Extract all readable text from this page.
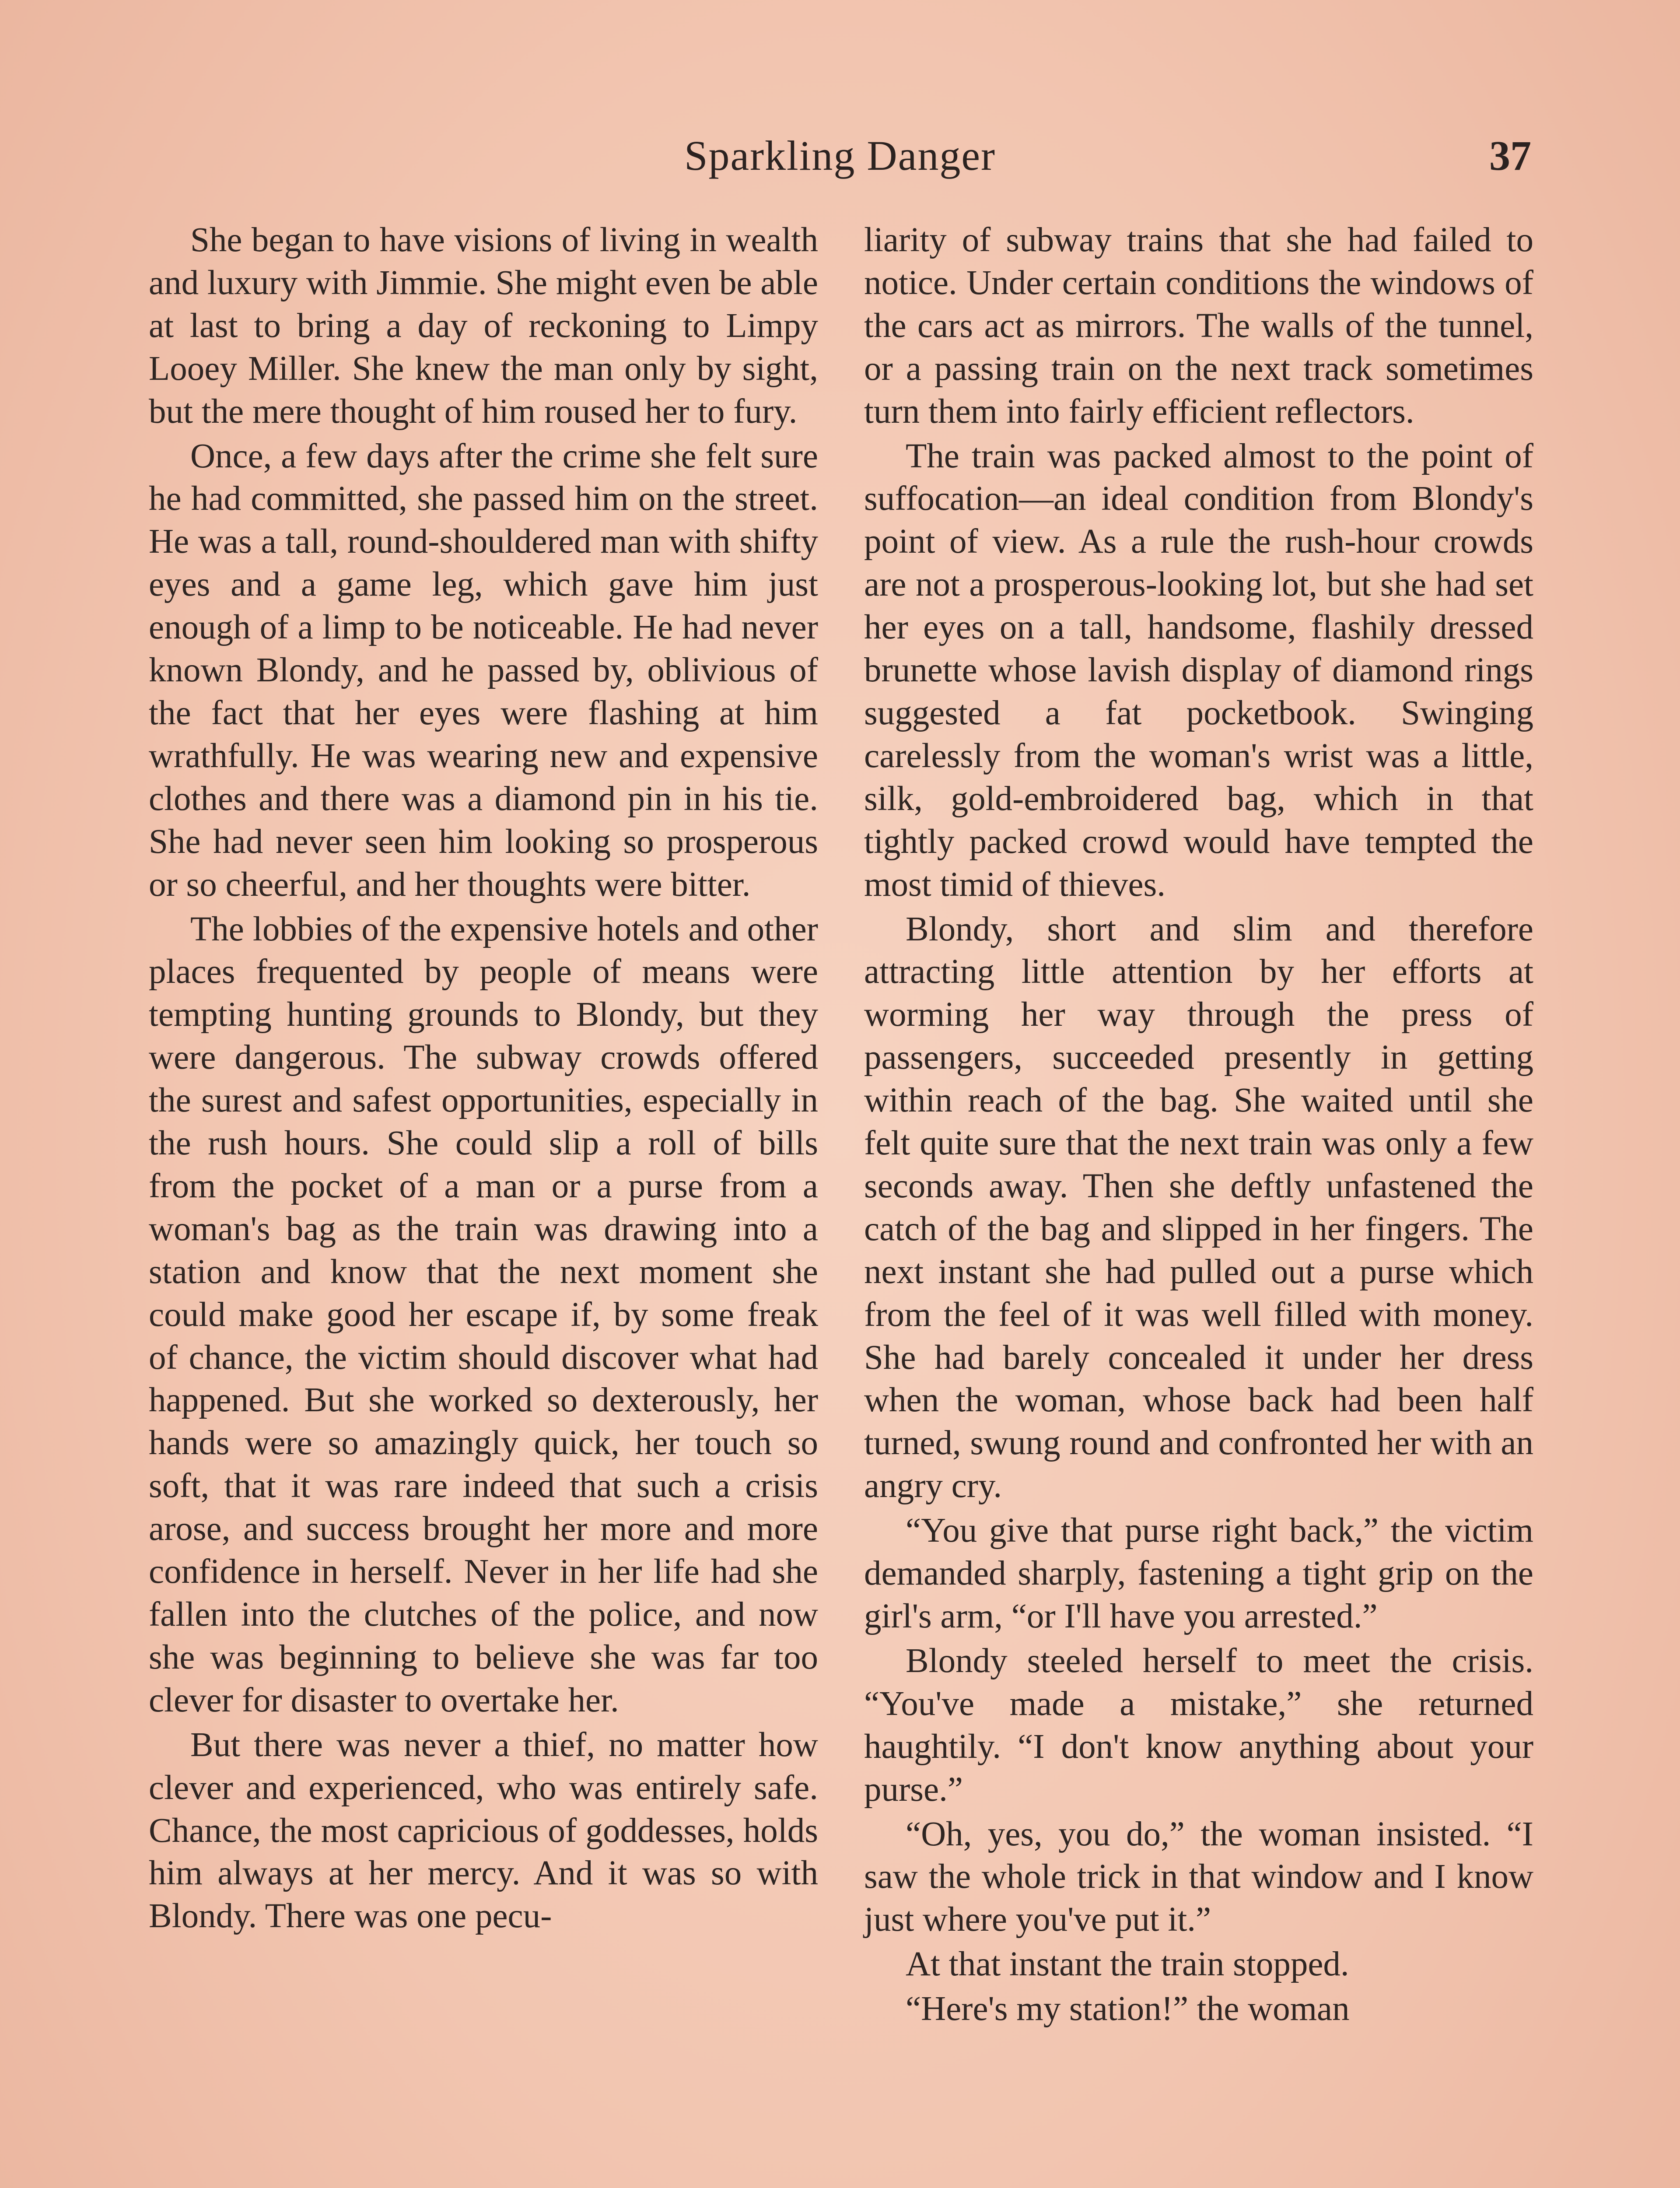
Sparkling Danger	37

She began to have visions of living in wealth and luxury with Jimmie. She might even be able at last to bring a day of reckoning to Limpy Looey Miller. She knew the man only by sight, but the mere thought of him roused her to fury.

Once, a few days after the crime she felt sure he had committed, she passed him on the street. He was a tall, round-shouldered man with shifty eyes and a game leg, which gave him just enough of a limp to be noticeable. He had never known Blondy, and he passed by, oblivious of the fact that her eyes were flashing at him wrathfully. He was wearing new and expensive clothes and there was a diamond pin in his tie. She had never seen him looking so prosperous or so cheerful, and her thoughts were bitter.

The lobbies of the expensive hotels and other places frequented by people of means were tempting hunting grounds to Blondy, but they were dangerous. The subway crowds offered the surest and safest opportunities, especially in the rush hours. She could slip a roll of bills from the pocket of a man or a purse from a woman's bag as the train was drawing into a station and know that the next moment she could make good her escape if, by some freak of chance, the victim should discover what had happened. But she worked so dexterously, her hands were so amazingly quick, her touch so soft, that it was rare indeed that such a crisis arose, and success brought her more and more confidence in herself. Never in her life had she fallen into the clutches of the police, and now she was beginning to believe she was far too clever for disaster to overtake her.

But there was never a thief, no matter how clever and experienced, who was entirely safe. Chance, the most capricious of goddesses, holds him always at her mercy. And it was so with Blondy. There was one pecu-

liarity of subway trains that she had failed to notice. Under certain conditions the windows of the cars act as mirrors. The walls of the tunnel, or a passing train on the next track sometimes turn them into fairly efficient reflectors.

The train was packed almost to the point of suffocation—an ideal condition from Blondy's point of view. As a rule the rush-hour crowds are not a prosperous-looking lot, but she had set her eyes on a tall, handsome, flashily dressed brunette whose lavish display of diamond rings suggested a fat pocketbook. Swinging carelessly from the woman's wrist was a little, silk, gold-embroidered bag, which in that tightly packed crowd would have tempted the most timid of thieves.

Blondy, short and slim and therefore attracting little attention by her efforts at worming her way through the press of passengers, succeeded presently in getting within reach of the bag. She waited until she felt quite sure that the next train was only a few seconds away. Then she deftly unfastened the catch of the bag and slipped in her fingers. The next instant she had pulled out a purse which from the feel of it was well filled with money. She had barely concealed it under her dress when the woman, whose back had been half turned, swung round and confronted her with an angry cry.

“You give that purse right back,” the victim demanded sharply, fastening a tight grip on the girl's arm, “or I'll have you arrested.”

Blondy steeled herself to meet the crisis. “You've made a mistake,” she returned haughtily. “I don't know anything about your purse.”

“Oh, yes, you do,” the woman insisted. “I saw the whole trick in that window and I know just where you've put it.”

At that instant the train stopped.

“Here's my station!” the woman
